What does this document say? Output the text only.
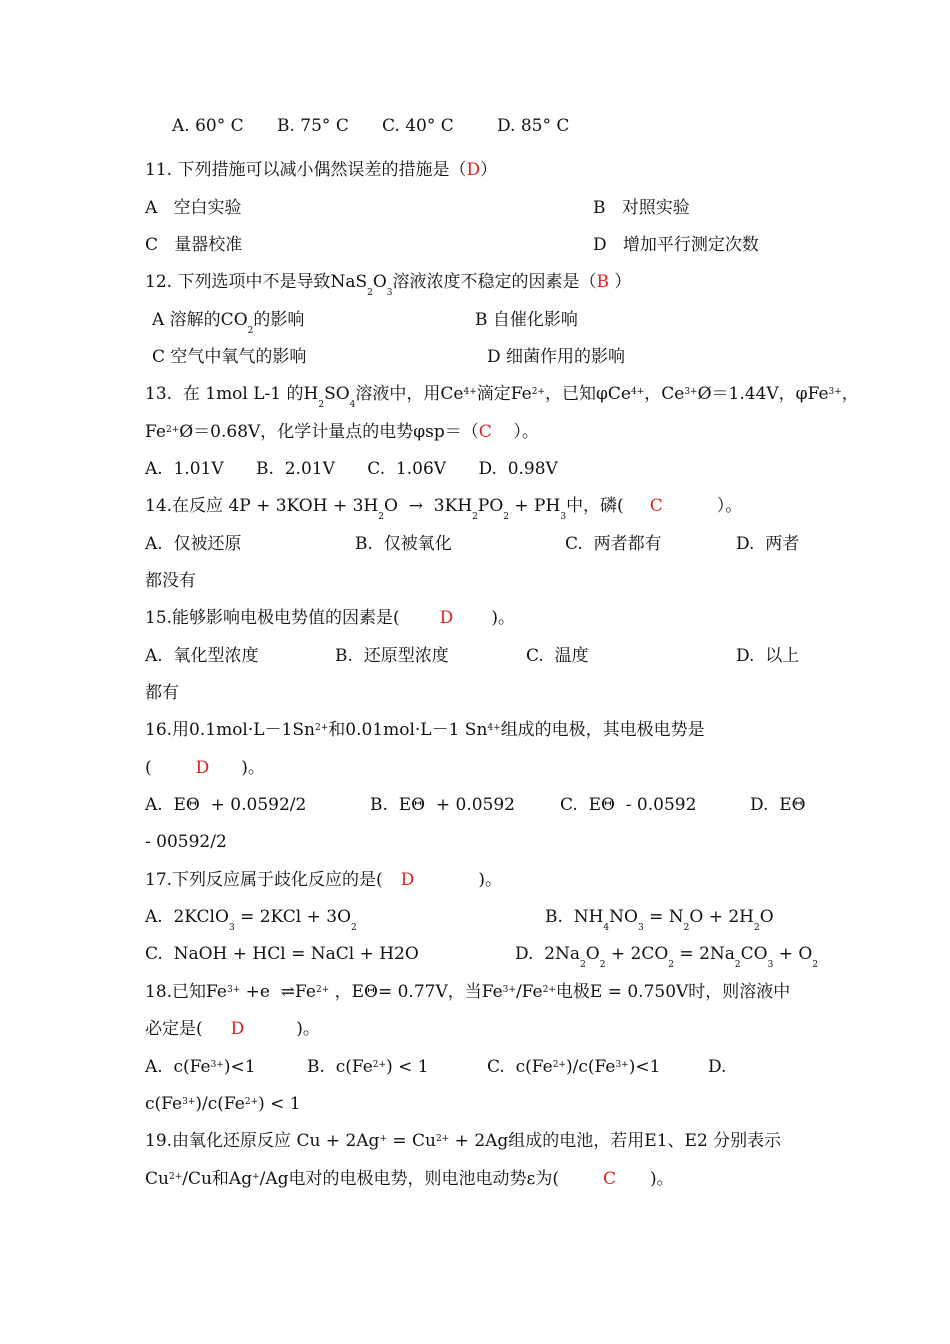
A. 60° C B. 75° C C. 40° C	D. 85° C
11. 下列措施可以减小偶然误差的措施是（D）
A   空白实验	B   对照实验
C   量器校准	D   增加平行测定次数
12. 下列选项中不是导致$NaS_2O_3$溶液浓度不稳定的因素是（B ）
A 溶解的$CO_2$的影响	B 自催化影响
C 空气中氧气的影响	D 细菌作用的影响
13.  在 1mol L-1 的$H_2SO_4$溶液中，用$Ce^{4+}$滴定$Fe^{2+}$，已知φCe$^{4+}$，$Ce^{3+}Ø=1.44V$，φFe$^{3+}$，
$Fe^{2+}Ø=0.68V$，化学计量点的电势φsp＝（C    ）。
A.  1.01V      B.  2.01V      C.  1.06V      D.  0.98V
14.在反应 $4P + 3KOH + 3H_2O \to 3KH_2PO_2 + PH_3$中，磷( C	）。
A.  仅被还原	B.  仅被氧化	C.  两者都有	D.  两者
都没有
15.能够影响电极电势值的因素是( D )。
A.  氧化型浓度	B.  还原型浓度	C.  温度	D.  以上
都有
16.用$0.1mol\cdot L-1Sn^{2+}$和0.01mol·L－1 $Sn^{4+}$组成的电极，其电极电势是
(	D )。
A.  EΘ  + 0.0592/2	B.  EΘ  + 0.0592	C.  EΘ  - 0.0592	D.  EΘ
- 00592/2
17.下列反应属于歧化反应的是( D	)。
A.  2KClO$_3$ = $2KCl + 3O_2$
B.  $NH_4NO_3 = N_2O + 2H_2O$
C.  NaOH + HCl = NaCl + H2O	D.  $2Na_2O_2 + 2CO_2 = 2Na_2CO_3 + O_2$
18.已知$Fe^{3+} +e$  $\rightleftharpoons Fe^{2+}$ ，EΘ= 0.77V，当$Fe^{3+}/Fe^{2+}$电极E = 0.750V时，则溶液中
必定是( D	)。
A.  $c(Fe^{3+})<1$	B.  $c(Fe^{2+}) < 1$	C.  $c(Fe^{2+})/c(Fe^{3+})<1$	D.
$c(Fe^{3+})/c(Fe^{2+}) < 1$
19.由氧化还原反应 $Cu + 2Ag^+ = Cu^{2+} + 2Ag$组成的电池，若用E1、E2 分别表示
$Cu^{2+}/Cu$和Ag+/Ag电对的电极电势，则电池电动势ε为(	C )。
